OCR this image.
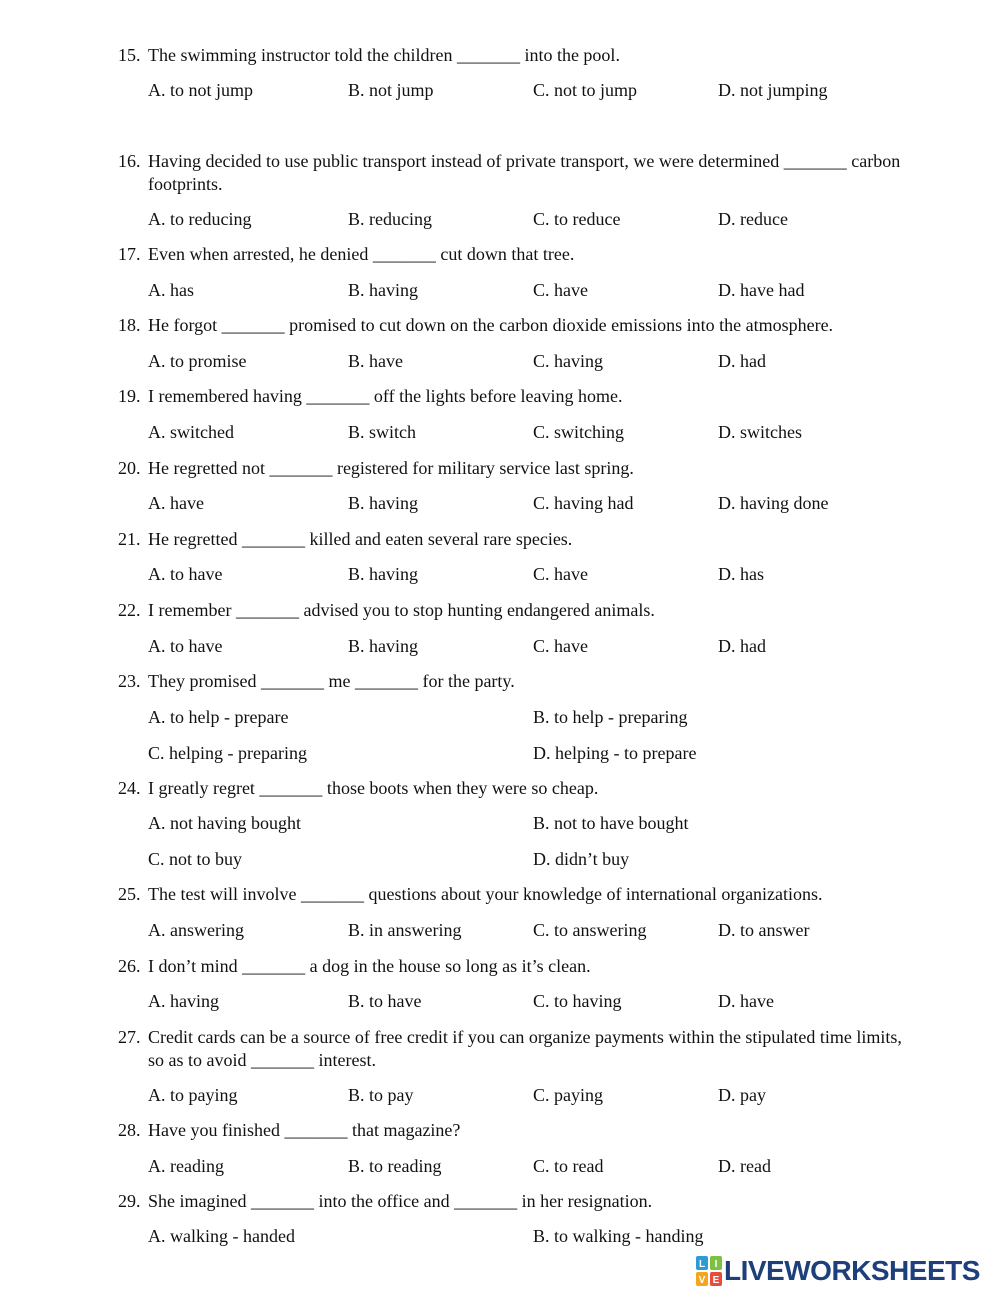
15. The swimming instructor told the children _______ into the pool.
A. to not jump	B. not jump	C. not to jump	D. not jumping
16. Having decided to use public transport instead of private transport, we were determined _______ carbon footprints.
A. to reducing	B. reducing	C. to reduce	D. reduce
17. Even when arrested, he denied _______ cut down that tree.
A. has	B. having	C. have	D. have had
18. He forgot _______ promised to cut down on the carbon dioxide emissions into the atmosphere.
A. to promise	B. have	C. having	D. had
19. I remembered having _______ off the lights before leaving home.
A. switched	B. switch	C. switching	D. switches
20. He regretted not _______ registered for military service last spring.
A. have	B. having	C. having had	D. having done
21. He regretted _______ killed and eaten several rare species.
A. to have	B. having	C. have	D. has
22. I remember _______ advised you to stop hunting endangered animals.
A. to have	B. having	C. have	D. had
23. They promised _______ me _______ for the party.
A. to help - prepare	B. to help - preparing
C. helping - preparing	D. helping - to prepare
24. I greatly regret _______ those boots when they were so cheap.
A. not having bought	B. not to have bought
C. not to buy	D. didn’t buy
25. The test will involve _______ questions about your knowledge of international organizations.
A. answering	B. in answering	C. to answering	D. to answer
26. I don’t mind _______ a dog in the house so long as it’s clean.
A. having	B. to have	C. to having	D. have
27. Credit cards can be a source of free credit if you can organize payments within the stipulated time limits, so as to avoid _______ interest.
A. to paying	B. to pay	C. paying	D. pay
28. Have you finished _______ that magazine?
A. reading	B. to reading	C. to read	D. read
29. She imagined _______ into the office and _______ in her resignation.
A. walking - handed	B. to walking - handing
L I
V E LIVEWORKSHEETS
